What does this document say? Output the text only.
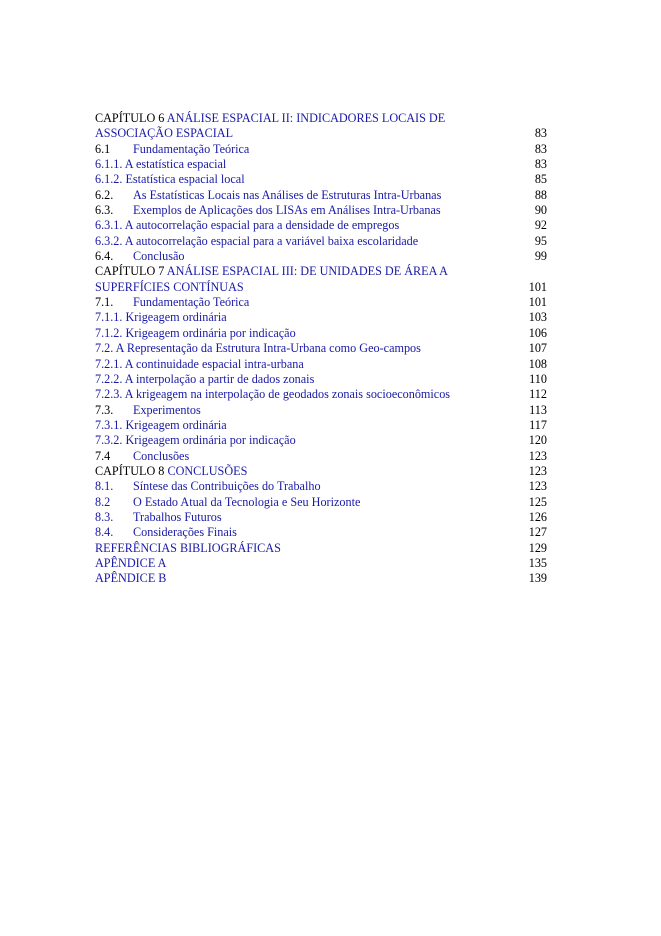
CAPÍTULO 6 ANÁLISE ESPACIAL II: INDICADORES LOCAIS DE
ASSOCIAÇÃO ESPACIAL	83
6.1 Fundamentação Teórica	83
6.1.1. A estatística espacial	83
6.1.2. Estatística espacial local	85
6.2. As Estatísticas Locais nas Análises de Estruturas Intra-Urbanas	88
6.3. Exemplos de Aplicações dos LISAs em Análises Intra-Urbanas	90
6.3.1. A autocorrelação espacial para a densidade de empregos	92
6.3.2. A autocorrelação espacial para a variável baixa escolaridade	95
6.4. Conclusão	99
CAPÍTULO 7 ANÁLISE ESPACIAL III: DE UNIDADES DE ÁREA A
SUPERFÍCIES CONTÍNUAS	101
7.1. Fundamentação Teórica	101
7.1.1. Krigeagem ordinária	103
7.1.2. Krigeagem ordinária por indicação	106
7.2. A Representação da Estrutura Intra-Urbana como Geo-campos	107
7.2.1. A continuidade espacial intra-urbana	108
7.2.2. A interpolação a partir de dados zonais	110
7.2.3. A krigeagem na interpolação de geodados zonais socioeconômicos	112
7.3. Experimentos	113
7.3.1. Krigeagem ordinária	117
7.3.2. Krigeagem ordinária por indicação	120
7.4 Conclusões	123
CAPÍTULO 8 CONCLUSÕES	123
8.1. Síntese das Contribuições do Trabalho	123
8.2 O Estado Atual da Tecnologia e Seu Horizonte	125
8.3. Trabalhos Futuros	126
8.4. Considerações Finais	127
REFERÊNCIAS BIBLIOGRÁFICAS	129
APÊNDICE A	135
APÊNDICE B	139
